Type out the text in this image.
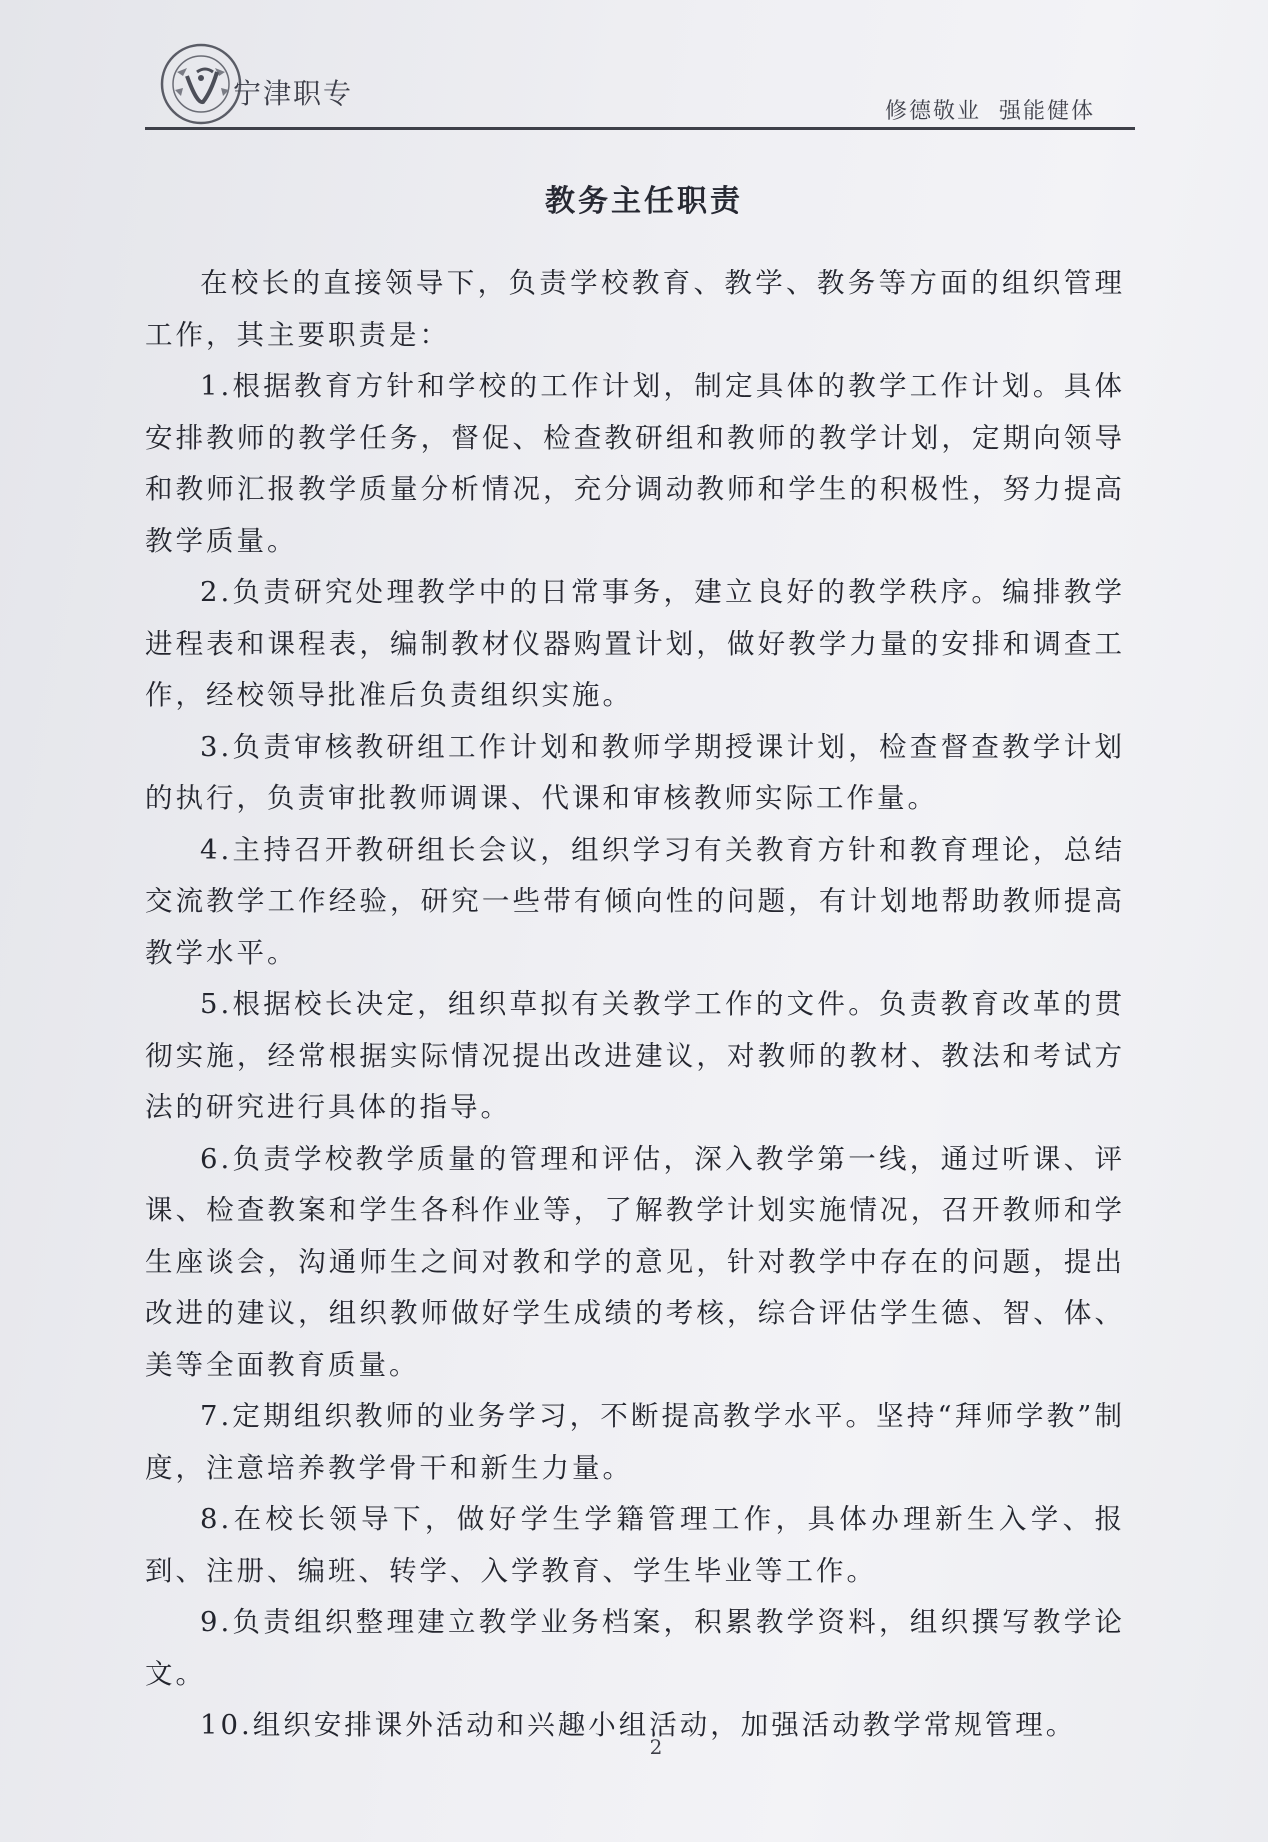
宁津职专
修德敬业  强能健体
教务主任职责

在校长的直接领导下，负责学校教育、教学、教务等方面的组织管理工作，其主要职责是：

1.根据教育方针和学校的工作计划，制定具体的教学工作计划。具体安排教师的教学任务，督促、检查教研组和教师的教学计划，定期向领导和教师汇报教学质量分析情况，充分调动教师和学生的积极性，努力提高教学质量。

2.负责研究处理教学中的日常事务，建立良好的教学秩序。编排教学进程表和课程表，编制教材仪器购置计划，做好教学力量的安排和调查工作，经校领导批准后负责组织实施。

3.负责审核教研组工作计划和教师学期授课计划，检查督查教学计划的执行，负责审批教师调课、代课和审核教师实际工作量。

4.主持召开教研组长会议，组织学习有关教育方针和教育理论，总结交流教学工作经验，研究一些带有倾向性的问题，有计划地帮助教师提高教学水平。

5.根据校长决定，组织草拟有关教学工作的文件。负责教育改革的贯彻实施，经常根据实际情况提出改进建议，对教师的教材、教法和考试方法的研究进行具体的指导。

6.负责学校教学质量的管理和评估，深入教学第一线，通过听课、评课、检查教案和学生各科作业等，了解教学计划实施情况，召开教师和学生座谈会，沟通师生之间对教和学的意见，针对教学中存在的问题，提出改进的建议，组织教师做好学生成绩的考核，综合评估学生德、智、体、美等全面教育质量。

7.定期组织教师的业务学习，不断提高教学水平。坚持“拜师学教”制度，注意培养教学骨干和新生力量。

8.在校长领导下，做好学生学籍管理工作，具体办理新生入学、报到、注册、编班、转学、入学教育、学生毕业等工作。

9.负责组织整理建立教学业务档案，积累教学资料，组织撰写教学论文。

10.组织安排课外活动和兴趣小组活动，加强活动教学常规管理。

2
